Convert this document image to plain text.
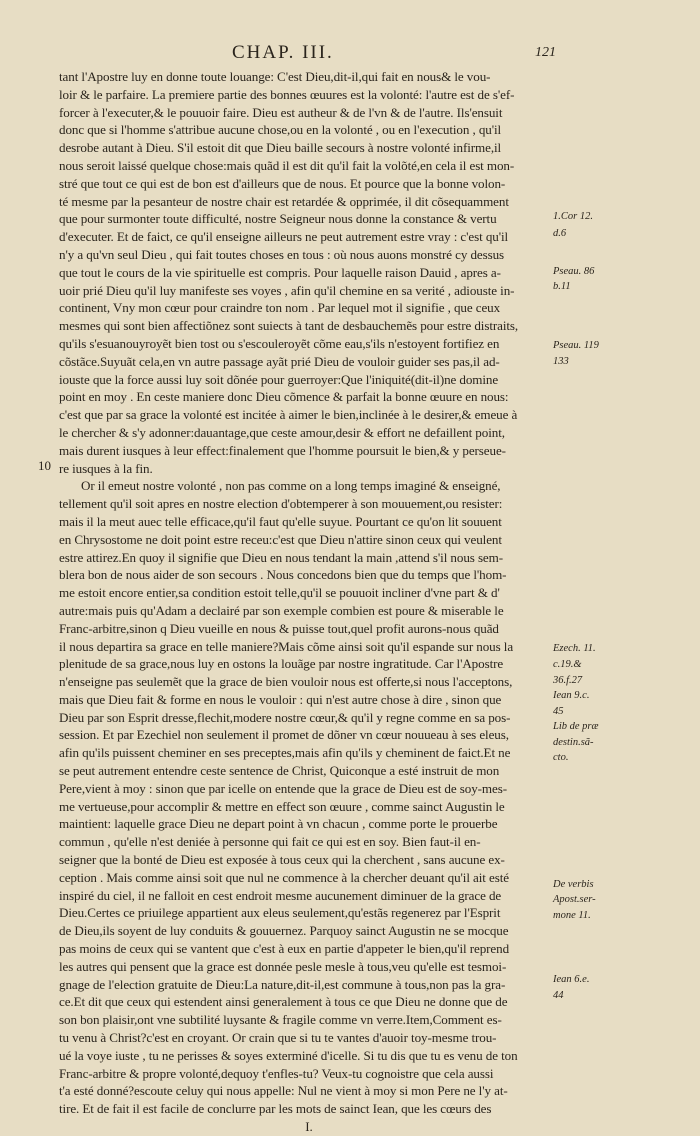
CHAP. III.	121
tant l'Apostre luy en donne toute louange: C'est Dieu,dit-il,qui fait en nous& le vou-
loir & le parfaire. La premiere partie des bonnes œuures est la volonté: l'autre est de s'ef-
forcer à l'executer,& le pouuoir faire. Dieu est autheur & de l'vn & de l'autre. Ils'ensuit
donc que si l'homme s'attribue aucune chose,ou en la volonté , ou en l'execution , qu'il
desrobe autant à Dieu. S'il estoit dit que Dieu baille secours à nostre volonté infirme,il
nous seroit laissé quelque chose:mais quãd il est dit qu'il fait la volõté,en cela il est mon-
stré que tout ce qui est de bon est d'ailleurs que de nous. Et pource que la bonne volon-
té mesme par la pesanteur de nostre chair est retardée & opprimée, il dit cõsequamment
que pour surmonter toute difficulté, nostre Seigneur nous donne la constance & vertu
d'executer. Et de faict, ce qu'il enseigne ailleurs ne peut autrement estre vray : c'est qu'il
n'y a qu'vn seul Dieu , qui fait toutes choses en tous : où nous auons monstré cy dessus
que tout le cours de la vie spirituelle est compris. Pour laquelle raison Dauid , apres a-
uoir prié Dieu qu'il luy manifeste ses voyes , afin qu'il chemine en sa verité , adiouste in-
continent, Vny mon cœur pour craindre ton nom . Par lequel mot il signifie , que ceux
mesmes qui sont bien affectiõnez sont suiects à tant de desbauchemẽs pour estre distraits,
qu'ils s'esuanouyroyẽt bien tost ou s'escouleroyẽt cõme eau,s'ils n'estoyent fortifiez en
cõstãce.Suyuãt cela,en vn autre passage ayãt prié Dieu de vouloir guider ses pas,il ad-
iouste que la force aussi luy soit dõnée pour guerroyer:Que l'iniquité(dit-il)ne domine
point en moy . En ceste maniere donc Dieu cõmence & parfait la bonne œuure en nous:
c'est que par sa grace la volonté est incitée à aimer le bien,inclinée à le desirer,& emeue à
le chercher & s'y adonner:dauantage,que ceste amour,desir & effort ne defaillent point,
mais durent iusques à leur effect:finalement que l'homme poursuit le bien,& y perseue-
re iusques à la fin.
Or il emeut nostre volonté , non pas comme on a long temps imaginé & enseigné,
tellement qu'il soit apres en nostre election d'obtemperer à son mouuement,ou resister:
mais il la meut auec telle efficace,qu'il faut qu'elle suyue. Pourtant ce qu'on lit souuent
en Chrysostome ne doit point estre receu:c'est que Dieu n'attire sinon ceux qui veulent
estre attirez.En quoy il signifie que Dieu en nous tendant la main ,attend s'il nous sem-
blera bon de nous aider de son secours . Nous concedons bien que du temps que l'hom-
me estoit encore entier,sa condition estoit telle,qu'il se pouuoit incliner d'vne part & d'
autre:mais puis qu'Adam a declairé par son exemple combien est poure & miserable le
Franc-arbitre,sinon q Dieu vueille en nous & puisse tout,quel profit aurons-nous quãd
il nous departira sa grace en telle maniere?Mais cõme ainsi soit qu'il espande sur nous la
plenitude de sa grace,nous luy en ostons la louãge par nostre ingratitude. Car l'Apostre
n'enseigne pas seulemẽt que la grace de bien vouloir nous est offerte,si nous l'acceptons,
mais que Dieu fait & forme en nous le vouloir : qui n'est autre chose à dire , sinon que
Dieu par son Esprit dresse,flechit,modere nostre cœur,& qu'il y regne comme en sa pos-
session. Et par Ezechiel non seulement il promet de dõner vn cœur nouueau à ses eleus,
afin qu'ils puissent cheminer en ses preceptes,mais afin qu'ils y cheminent de faict.Et ne
se peut autrement entendre ceste sentence de Christ, Quiconque a esté instruit de mon
Pere,vient à moy : sinon que par icelle on entende que la grace de Dieu est de soy-mes-
me vertueuse,pour accomplir & mettre en effect son œuure , comme sainct Augustin le
maintient: laquelle grace Dieu ne depart point à vn chacun , comme porte le prouerbe
commun , qu'elle n'est deniée à personne qui fait ce qui est en soy. Bien faut-il en-
seigner que la bonté de Dieu est exposée à tous ceux qui la cherchent , sans aucune ex-
ception . Mais comme ainsi soit que nul ne commence à la chercher deuant qu'il ait esté
inspiré du ciel, il ne falloit en cest endroit mesme aucunement diminuer de la grace de
Dieu.Certes ce priuilege appartient aux eleus seulement,qu'estãs regenerez par l'Esprit
de Dieu,ils soyent de luy conduits & gouuernez. Parquoy sainct Augustin ne se mocque
pas moins de ceux qui se vantent que c'est à eux en partie d'appeter le bien,qu'il reprend
les autres qui pensent que la grace est donnée pesle mesle à tous,veu qu'elle est tesmoi-
gnage de l'election gratuite de Dieu:La nature,dit-il,est commune à tous,non pas la gra-
ce.Et dit que ceux qui estendent ainsi generalement à tous ce que Dieu ne donne que de
son bon plaisir,ont vne subtilité luysante & fragile comme vn verre.Item,Comment es-
tu venu à Christ?c'est en croyant. Or crain que si tu te vantes d'auoir toy-mesme trou-
ué la voye iuste , tu ne perisses & soyes exterminé d'icelle. Si tu dis que tu es venu de ton
Franc-arbitre & propre volonté,dequoy t'enfles-tu? Veux-tu cognoistre que cela aussi
t'a esté donné?escoute celuy qui nous appelle: Nul ne vient à moy si mon Pere ne l'y at-
tire. Et de fait il est facile de conclurre par les mots de sainct Iean, que les cœurs des
I.
10
1.Cor 12.
d.6
Pseau. 86
b.11
Pseau. 119
133
Ezech. 11.
c.19.&
36.f.27
Iean 9.c.
45
Lib de præ
destin.sã-
cto.
De verbis
Apost.ser-
mone 11.
Iean 6.e.
44
